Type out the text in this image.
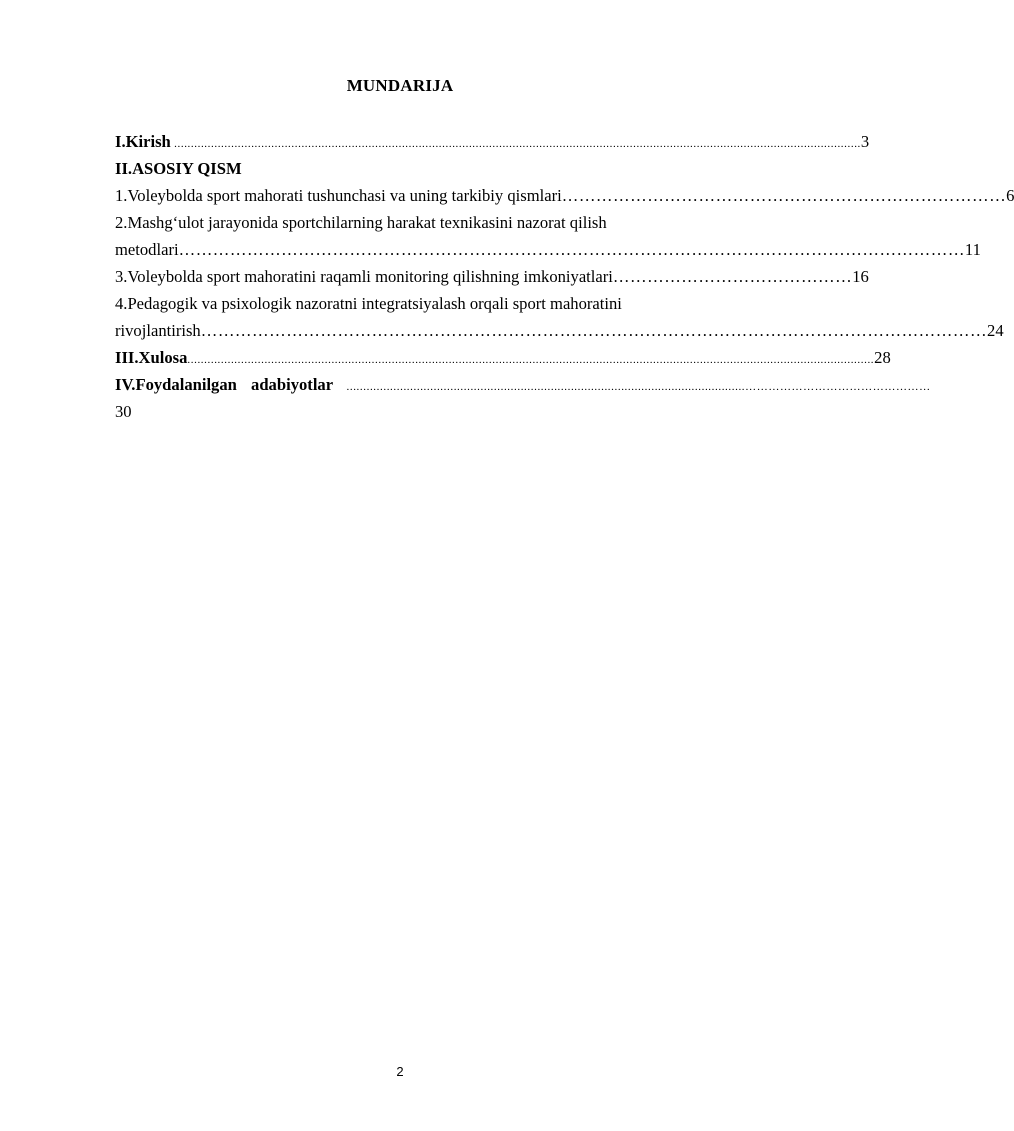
MUNDARIJA
I.Kirish ............................................................................................................................................................................................................. 3
II.ASOSIY QISM
1.Voleybolda sport mahorati tushunchasi va uning tarkibiy qismlari …………………………………………………………………… 6
2.Mashg‘ulot jarayonida sportchilarning harakat texnikasini nazorat qilish
metodlari ………………………………………………………………………………………………………………………… 11
3.Voleybolda sport mahoratini raqamli monitoring qilishning imkoniyatlari …………………………………… 16
4.Pedagogik va psixologik nazoratni integratsiyalash orqali sport mahoratini
rivojlantirish ………………………………………………………………………………………………………………………… 24
III.Xulosa ............................................................................................................................................................................................................. 28
IV.Foydalanilgan adabiyotlar .......................................................................................................................…………………………………………
30
2
